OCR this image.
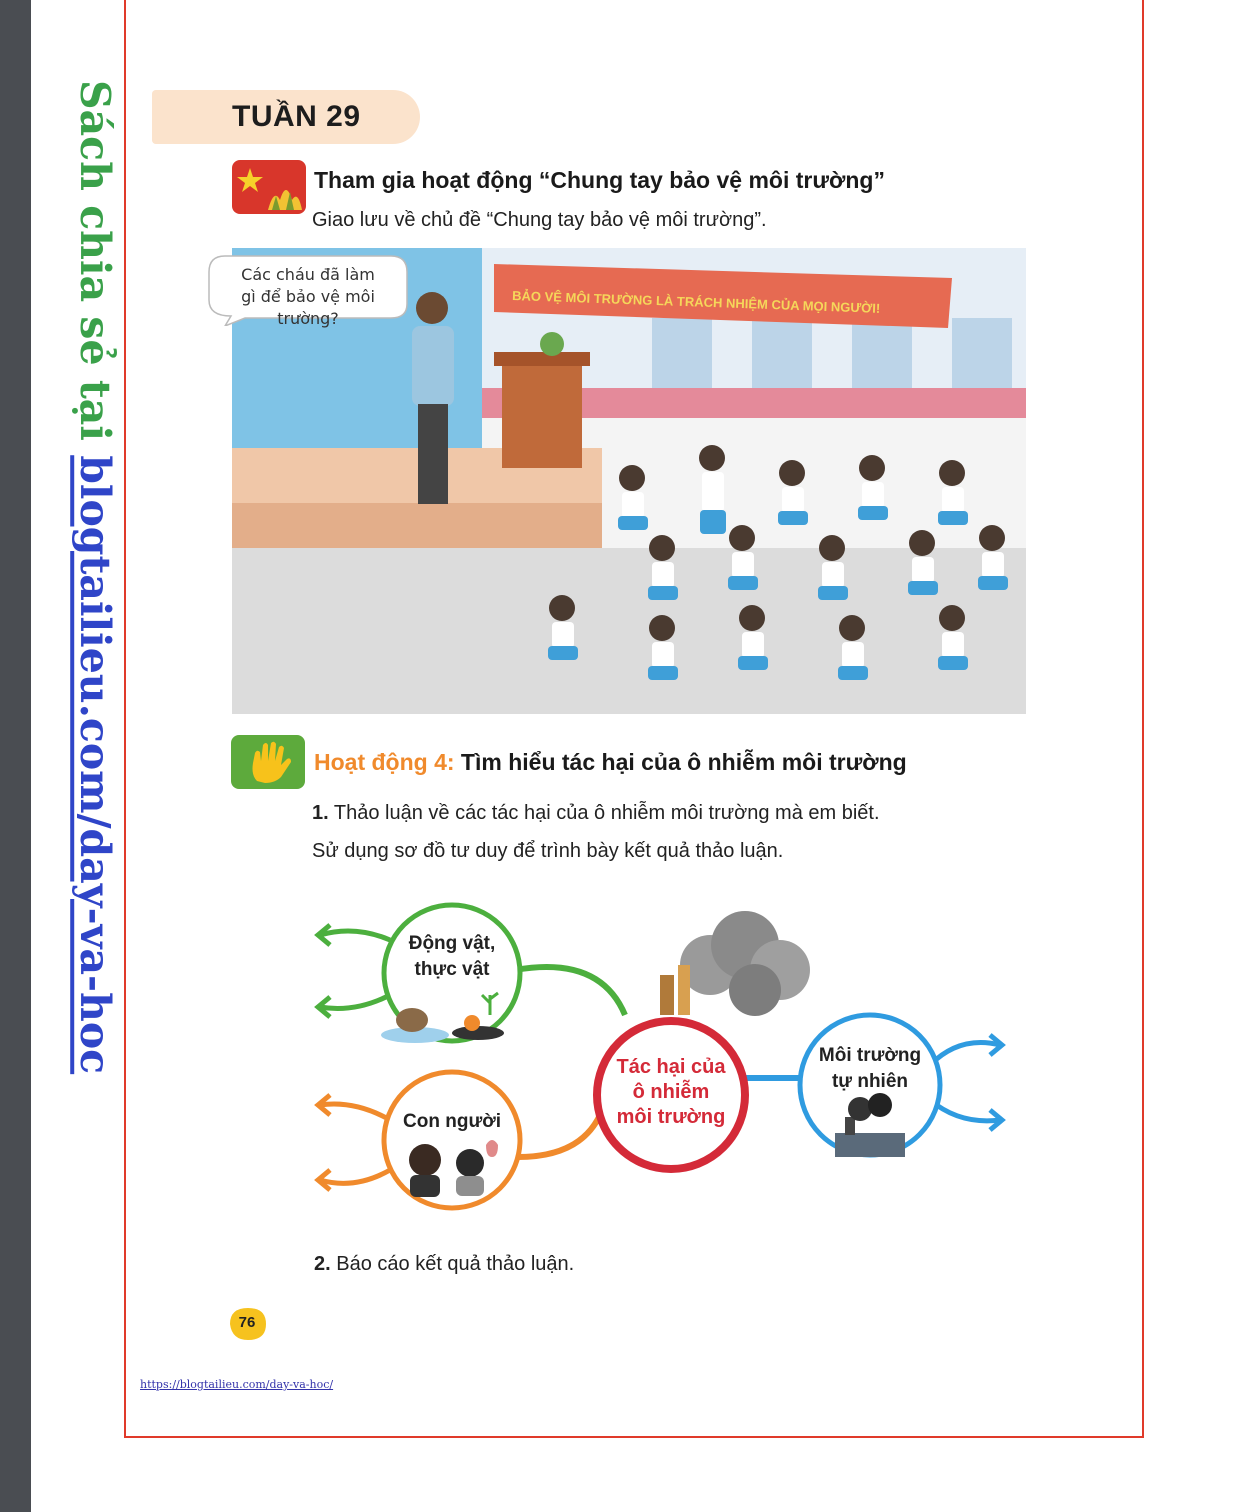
Sách chia sẻ tại blogtailieu.com/day-va-hoc
TUẦN 29
Tham gia hoạt động “Chung tay bảo vệ môi trường”
Giao lưu về chủ đề “Chung tay bảo vệ môi trường”.
BẢO VỆ MÔI TRƯỜNG LÀ TRÁCH NHIỆM CỦA MỌI NGƯỜI!
Các cháu đã làm gì để bảo vệ môi trường?
Hoạt động 4: Tìm hiểu tác hại của ô nhiễm môi trường
1. Thảo luận về các tác hại của ô nhiễm môi trường mà em biết.
Sử dụng sơ đồ tư duy để trình bày kết quả thảo luận.
Tác hại của
ô nhiễm
môi trường
Động vật,
thực vật
Con người
Môi trường
tự nhiên
2. Báo cáo kết quả thảo luận.
76
https://blogtailieu.com/day-va-hoc/
